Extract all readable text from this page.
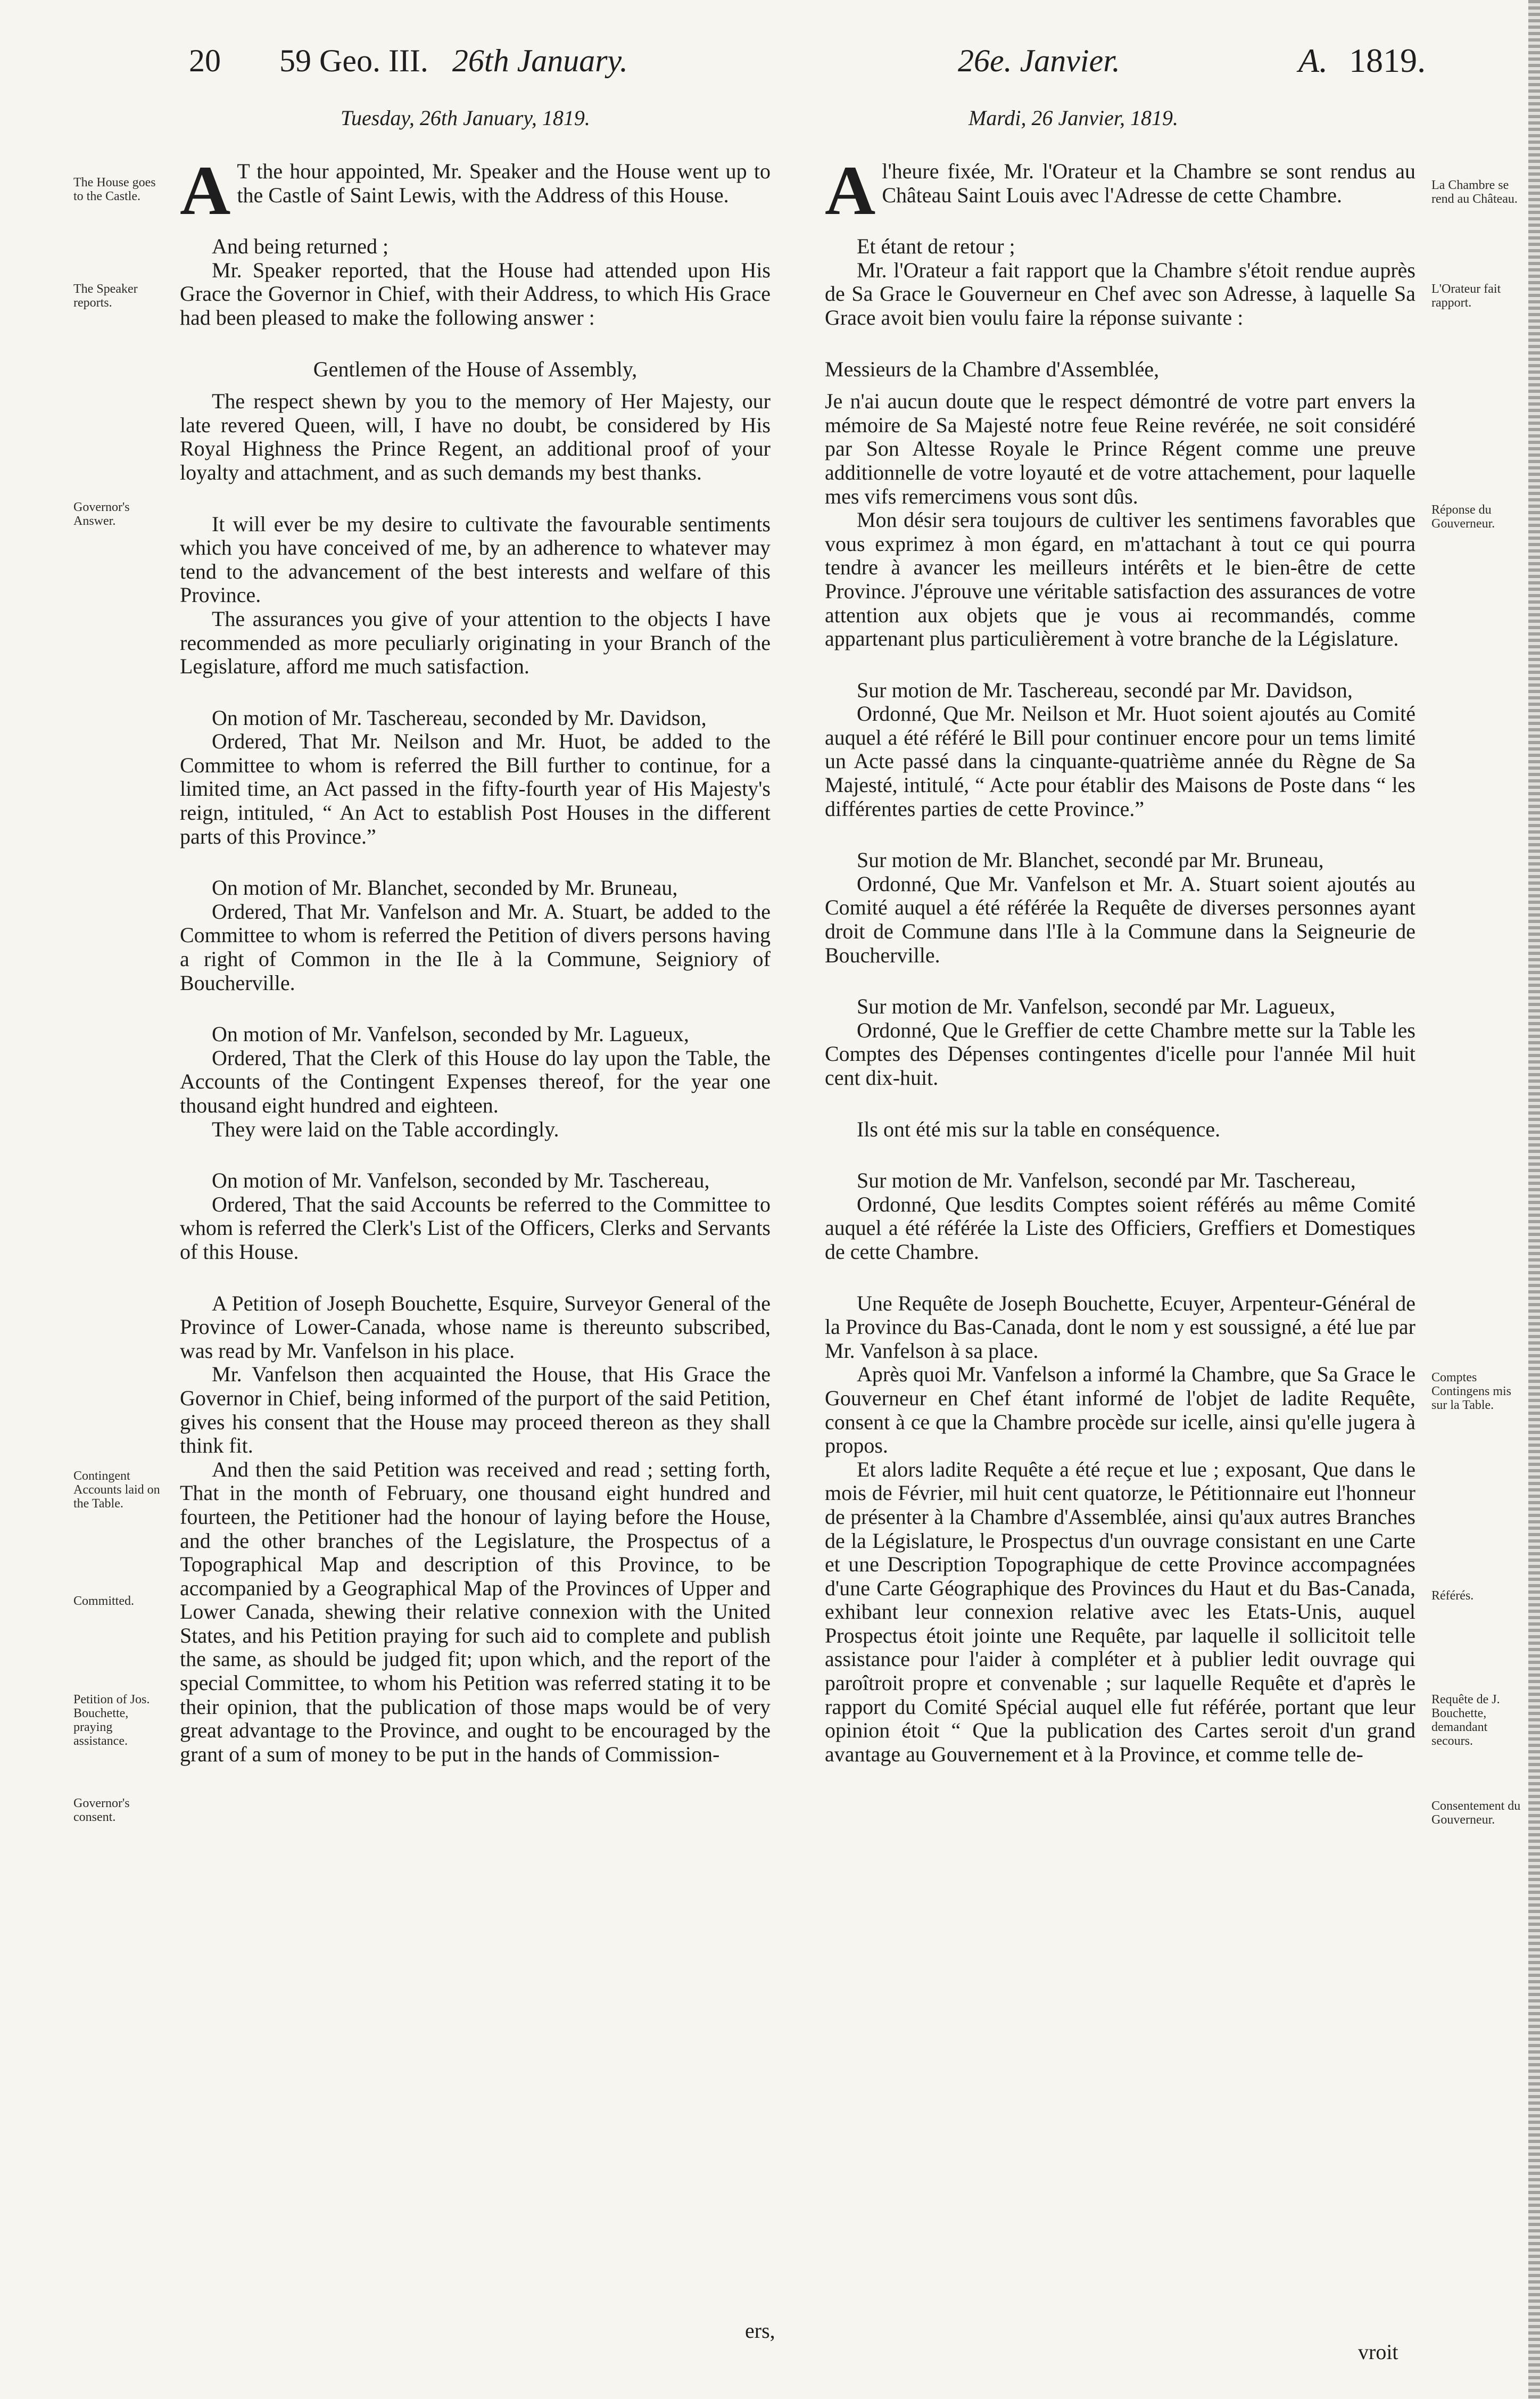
20 59 Geo. III. 26th January.	26e. Janvier.	A. 1819.
Tuesday, 26th January, 1819.	Mardi, 26 Janvier, 1819.
The House goes to the Castle.
The Speaker reports.
Governor's Answer.
Contingent Accounts laid on the Table.
Committed.
Petition of Jos. Bouchette, praying assistance.
Governor's consent.
La Chambre se rend au Château.
L'Orateur fait rapport.
Réponse du Gouverneur.
Comptes Contingens mis sur la Table.
Référés.
Requête de J. Bouchette, demandant secours.
Consentement du Gouverneur.

A T the hour appointed, Mr. Speaker and the House went up to the Castle of Saint Lewis, with the Address of this House.

And being returned ;

Mr. Speaker reported, that the House had attended upon His Grace the Governor in Chief, with their Address, to which His Grace had been pleased to make the following answer :

Gentlemen of the House of Assembly,

The respect shewn by you to the memory of Her Majesty, our late revered Queen, will, I have no doubt, be considered by His Royal Highness the Prince Regent, an additional proof of your loyalty and attachment, and as such demands my best thanks.

It will ever be my desire to cultivate the favourable sentiments which you have conceived of me, by an adherence to whatever may tend to the advancement of the best interests and welfare of this Province.

The assurances you give of your attention to the objects I have recommended as more peculiarly originating in your Branch of the Legislature, afford me much satisfaction.

On motion of Mr. Taschereau, seconded by Mr. Davidson,

Ordered, That Mr. Neilson and Mr. Huot, be added to the Committee to whom is referred the Bill further to continue, for a limited time, an Act passed in the fifty-fourth year of His Majesty's reign, intituled, “ An Act to establish Post Houses in the different parts of this Province.”

On motion of Mr. Blanchet, seconded by Mr. Bruneau,

Ordered, That Mr. Vanfelson and Mr. A. Stuart, be added to the Committee to whom is referred the Petition of divers persons having a right of Common in the Ile à la Commune, Seigniory of Boucherville.

On motion of Mr. Vanfelson, seconded by Mr. Lagueux,

Ordered, That the Clerk of this House do lay upon the Table, the Accounts of the Contingent Expenses thereof, for the year one thousand eight hundred and eighteen.

They were laid on the Table accordingly.

On motion of Mr. Vanfelson, seconded by Mr. Taschereau,

Ordered, That the said Accounts be referred to the Committee to whom is referred the Clerk's List of the Officers, Clerks and Servants of this House.

A Petition of Joseph Bouchette, Esquire, Surveyor General of the Province of Lower-Canada, whose name is thereunto subscribed, was read by Mr. Vanfelson in his place.

Mr. Vanfelson then acquainted the House, that His Grace the Governor in Chief, being informed of the purport of the said Petition, gives his consent that the House may proceed thereon as they shall think fit.

And then the said Petition was received and read ; setting forth, That in the month of February, one thousand eight hundred and fourteen, the Petitioner had the honour of laying before the House, and the other branches of the Legislature, the Prospectus of a Topographical Map and description of this Province, to be accompanied by a Geographical Map of the Provinces of Upper and Lower Canada, shewing their relative connexion with the United States, and his Petition praying for such aid to complete and publish the same, as should be judged fit; upon which, and the report of the special Committee, to whom his Petition was referred stating it to be their opinion, that the publication of those maps would be of very great advantage to the Province, and ought to be encouraged by the grant of a sum of money to be put in the hands of Commission-

ers,

Al'heure fixée, Mr. l'Orateur et la Chambre se sont rendus au Château Saint Louis avec l'Adresse de cette Chambre.

Et étant de retour ;

Mr. l'Orateur a fait rapport que la Chambre s'étoit rendue auprès de Sa Grace le Gouverneur en Chef avec son Adresse, à laquelle Sa Grace avoit bien voulu faire la réponse suivante :

Messieurs de la Chambre d'Assemblée,

Je n'ai aucun doute que le respect démontré de votre part envers la mémoire de Sa Majesté notre feue Reine revérée, ne soit considéré par Son Altesse Royale le Prince Régent comme une preuve additionnelle de votre loyauté et de votre attachement, pour laquelle mes vifs remercimens vous sont dûs.

Mon désir sera toujours de cultiver les sentimens favorables que vous exprimez à mon égard, en m'attachant à tout ce qui pourra tendre à avancer les meilleurs intérêts et le bien-être de cette Province. J'éprouve une véritable satisfaction des assurances de votre attention aux objets que je vous ai recommandés, comme appartenant plus particulièrement à votre branche de la Législature.

Sur motion de Mr. Taschereau, secondé par Mr. Davidson,

Ordonné, Que Mr. Neilson et Mr. Huot soient ajoutés au Comité auquel a été référé le Bill pour continuer encore pour un tems limité un Acte passé dans la cinquante-quatrième année du Règne de Sa Majesté, intitulé, “ Acte pour établir des Maisons de Poste dans “ les différentes parties de cette Province.”

Sur motion de Mr. Blanchet, secondé par Mr. Bruneau,

Ordonné, Que Mr. Vanfelson et Mr. A. Stuart soient ajoutés au Comité auquel a été référée la Requête de diverses personnes ayant droit de Commune dans l'Ile à la Commune dans la Seigneurie de Boucherville.

Sur motion de Mr. Vanfelson, secondé par Mr. Lagueux,

Ordonné, Que le Greffier de cette Chambre mette sur la Table les Comptes des Dépenses contingentes d'icelle pour l'année Mil huit cent dix-huit.

Ils ont été mis sur la table en conséquence.

Sur motion de Mr. Vanfelson, secondé par Mr. Taschereau,

Ordonné, Que lesdits Comptes soient référés au même Comité auquel a été référée la Liste des Officiers, Greffiers et Domestiques de cette Chambre.

Une Requête de Joseph Bouchette, Ecuyer, Arpenteur-Général de la Province du Bas-Canada, dont le nom y est soussigné, a été lue par Mr. Vanfelson à sa place.

Après quoi Mr. Vanfelson a informé la Chambre, que Sa Grace le Gouverneur en Chef étant informé de l'objet de ladite Requête, consent à ce que la Chambre procède sur icelle, ainsi qu'elle jugera à propos.

Et alors ladite Requête a été reçue et lue ; exposant, Que dans le mois de Février, mil huit cent quatorze, le Pétitionnaire eut l'honneur de présenter à la Chambre d'Assemblée, ainsi qu'aux autres Branches de la Législature, le Prospectus d'un ouvrage consistant en une Carte et une Description Topographique de cette Province accompagnées d'une Carte Géographique des Provinces du Haut et du Bas-Canada, exhibant leur connexion relative avec les Etats-Unis, auquel Prospectus étoit jointe une Requête, par laquelle il sollicitoit telle assistance pour l'aider à compléter et à publier ledit ouvrage qui paroîtroit propre et convenable ; sur laquelle Requête et d'après le rapport du Comité Spécial auquel elle fut référée, portant que leur opinion étoit “ Que la publication des Cartes seroit d'un grand avantage au Gouvernement et à la Province, et comme telle de-

vroit
